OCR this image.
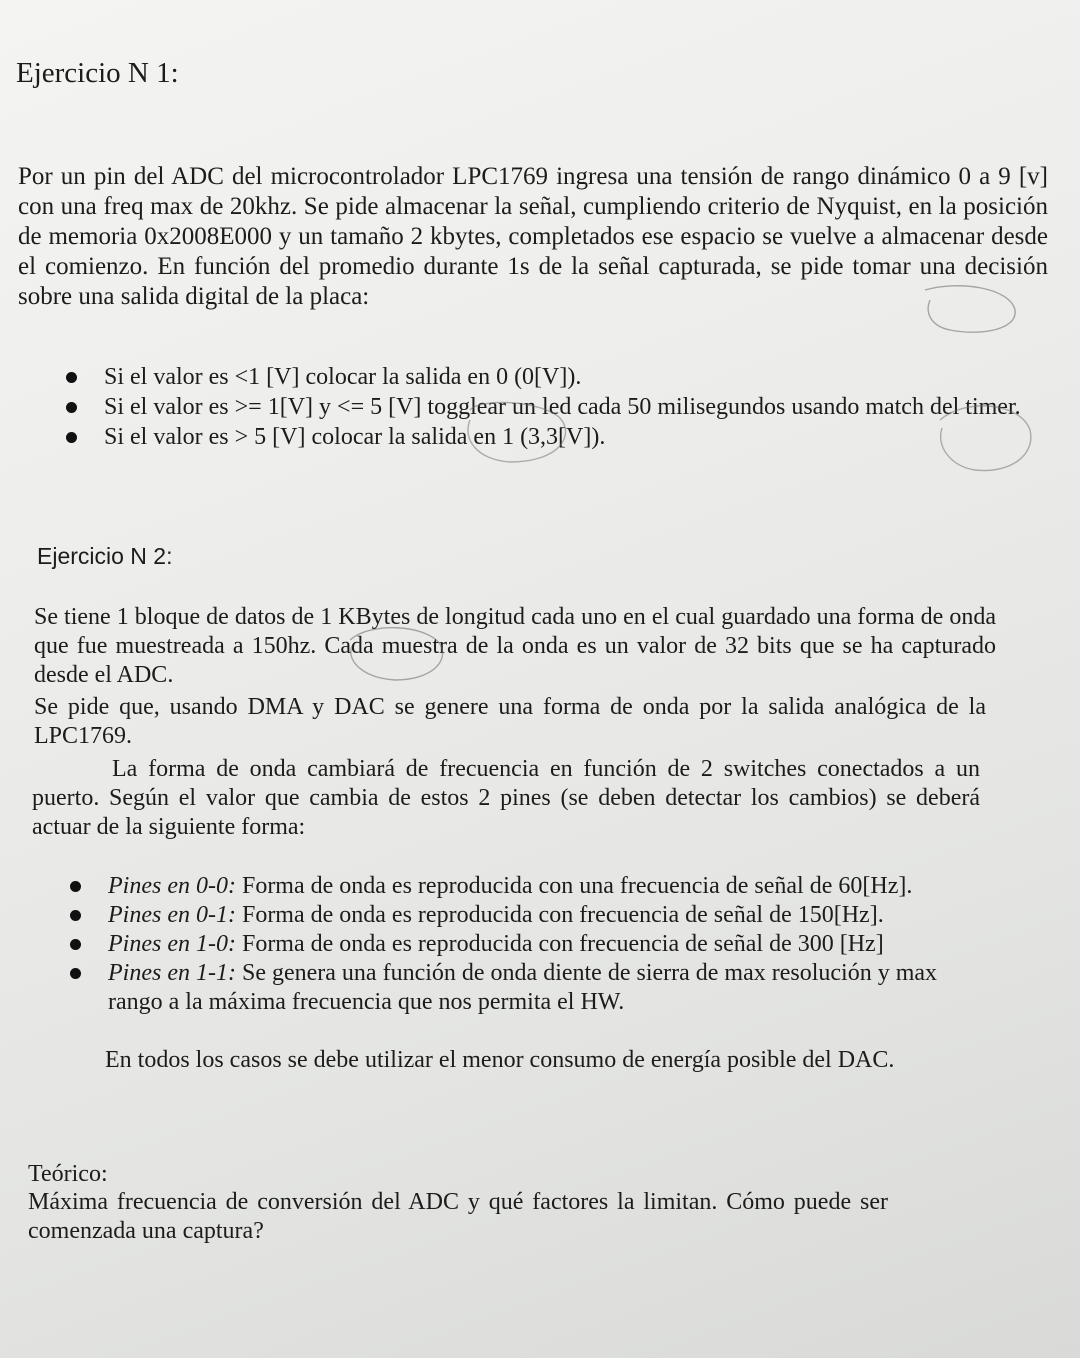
Ejercicio N 1:
Por un pin del ADC del microcontrolador LPC1769 ingresa una tensión de rango dinámico 0 a 9 [v] con una freq max de 20khz. Se pide almacenar la señal, cumpliendo criterio de Nyquist, en la posición de memoria 0x2008E000 y un tamaño 2 kbytes, completados ese espacio se vuelve a almacenar desde el comienzo. En función del promedio durante 1s de la señal capturada, se pide tomar una decisión sobre una salida digital de la placa:
Si el valor es <1 [V] colocar la salida en 0 (0[V]).
Si el valor es >= 1[V] y <= 5 [V] togglear un led cada 50 milisegundos usando match del timer.
Si el valor es > 5 [V] colocar la salida en 1 (3,3[V]).
Ejercicio N 2:
Se tiene 1 bloque de datos de 1 KBytes de longitud cada uno en el cual guardado una forma de onda que fue muestreada a 150hz. Cada muestra de la onda es un valor de 32 bits que se ha capturado desde el ADC.
Se pide que, usando DMA y DAC se genere una forma de onda por la salida analógica de la LPC1769.
La forma de onda cambiará de frecuencia en función de 2 switches conectados a un puerto. Según el valor que cambia de estos 2 pines (se deben detectar los cambios) se deberá actuar de la siguiente forma:
Pines en 0-0: Forma de onda es reproducida con una frecuencia de señal de 60[Hz].
Pines en 0-1: Forma de onda es reproducida con frecuencia de señal de 150[Hz].
Pines en 1-0: Forma de onda es reproducida con frecuencia de señal de 300 [Hz]
Pines en 1-1: Se genera una función de onda diente de sierra de max resolución y max rango a la máxima frecuencia que nos permita el HW.
En todos los casos se debe utilizar el menor consumo de energía posible del DAC.
Teórico:
Máxima frecuencia de conversión del ADC y qué factores la limitan. Cómo puede ser comenzada una captura?
